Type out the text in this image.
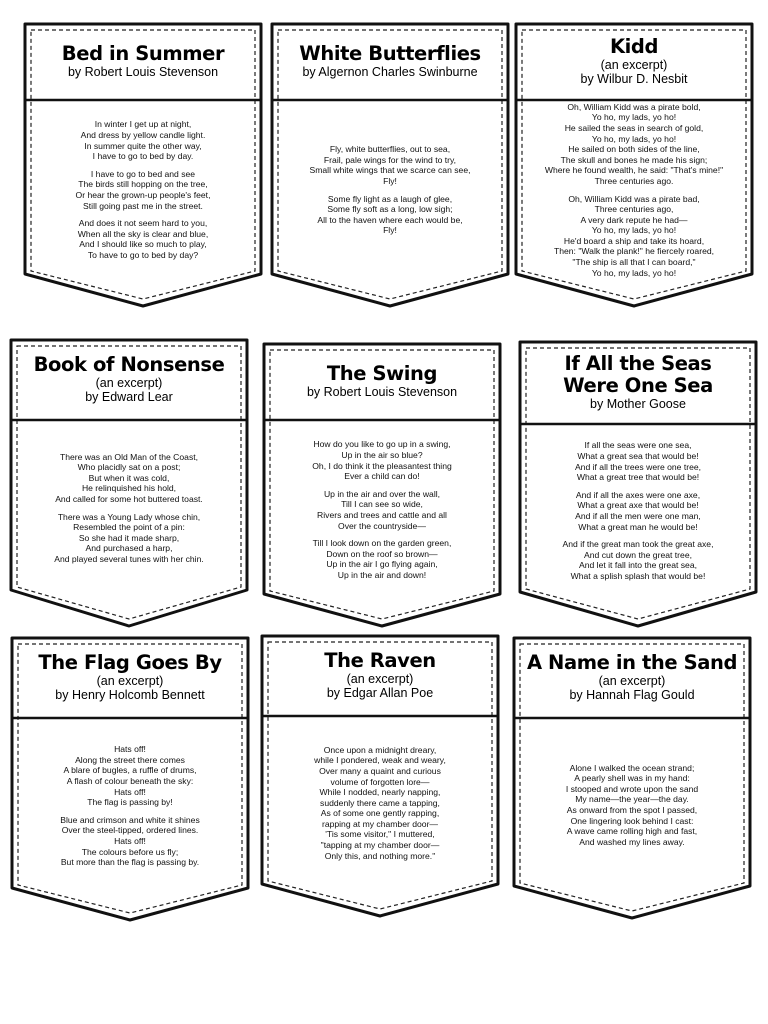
Bed in Summer
by Robert Louis Stevenson
In winter I get up at night,
And dress by yellow candle light.
In summer quite the other way,
I have to go to bed by day.
I have to go to bed and see
The birds still hopping on the tree,
Or hear the grown-up people's feet,
Still going past me in the street.
And does it not seem hard to you,
When all the sky is clear and blue,
And I should like so much to play,
To have to go to bed by day?
White Butterflies
by Algernon Charles Swinburne
Fly, white butterflies, out to sea,
Frail, pale wings for the wind to try,
Small white wings that we scarce can see,
Fly!
Some fly light as a laugh of glee,
Some fly soft as a long, low sigh;
All to the haven where each would be,
Fly!
Kidd
(an excerpt)
by Wilbur D. Nesbit
Oh, William Kidd was a pirate bold,
Yo ho, my lads, yo ho!
He sailed the seas in search of gold,
Yo ho, my lads, yo ho!
He sailed on both sides of the line,
The skull and bones he made his sign;
Where he found wealth, he said: "That's mine!"
Three centuries ago.
Oh, William Kidd was a pirate bad,
Three centuries ago,
A very dark repute he had—
Yo ho, my lads, yo ho!
He'd board a ship and take its hoard,
Then: "Walk the plank!" he fiercely roared,
"The ship is all that I can board,"
Yo ho, my lads, yo ho!
Book of Nonsense
(an excerpt)
by Edward Lear
There was an Old Man of the Coast,
Who placidly sat on a post;
But when it was cold,
He relinquished his hold,
And called for some hot buttered toast.
There was a Young Lady whose chin,
Resembled the point of a pin:
So she had it made sharp,
And purchased a harp,
And played several tunes with her chin.
The Swing
by Robert Louis Stevenson
How do you like to go up in a swing,
Up in the air so blue?
Oh, I do think it the pleasantest thing
Ever a child can do!
Up in the air and over the wall,
Till I can see so wide,
Rivers and trees and cattle and all
Over the countryside—
Till I look down on the garden green,
Down on the roof so brown—
Up in the air I go flying again,
Up in the air and down!
If All the Seas Were One Sea
by Mother Goose
If all the seas were one sea,
What a great sea that would be!
And if all the trees were one tree,
What a great tree that would be!
And if all the axes were one axe,
What a great axe that would be!
And if all the men were one man,
What a great man he would be!
And if the great man took the great axe,
And cut down the great tree,
And let it fall into the great sea,
What a splish splash that would be!
The Flag Goes By
(an excerpt)
by Henry Holcomb Bennett
Hats off!
Along the street there comes
A blare of bugles, a ruffle of drums,
A flash of colour beneath the sky:
Hats off!
The flag is passing by!
Blue and crimson and white it shines
Over the steel-tipped, ordered lines.
Hats off!
The colours before us fly;
But more than the flag is passing by.
The Raven
(an excerpt)
by Edgar Allan Poe
Once upon a midnight dreary,
while I pondered, weak and weary,
Over many a quaint and curious
volume of forgotten lore—
While I nodded, nearly napping,
suddenly there came a tapping,
As of some one gently rapping,
rapping at my chamber door—
'Tis some visitor," I muttered,
"tapping at my chamber door—
Only this, and nothing more."
A Name in the Sand
(an excerpt)
by Hannah Flag Gould
Alone I walked the ocean strand;
A pearly shell was in my hand:
I stooped and wrote upon the sand
My name—the year—the day.
As onward from the spot I passed,
One lingering look behind I cast:
A wave came rolling high and fast,
And washed my lines away.
